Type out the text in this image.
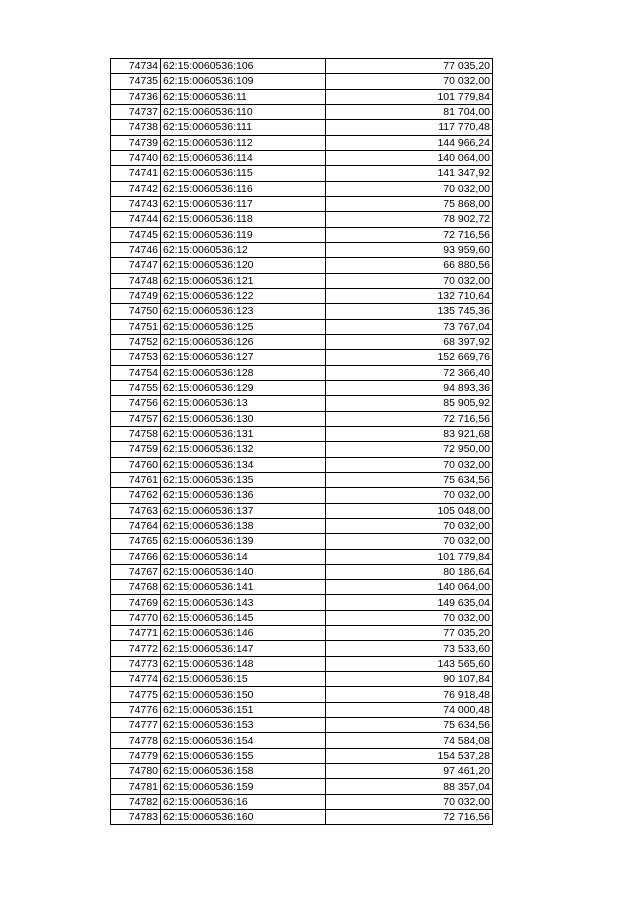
74734	62:15:0060536:106	77 035,20
74735	62:15:0060536:109	70 032,00
74736	62:15:0060536:11	101 779,84
74737	62:15:0060536:110	81 704,00
74738	62:15:0060536:111	117 770,48
74739	62:15:0060536:112	144 966,24
74740	62:15:0060536:114	140 064,00
74741	62:15:0060536:115	141 347,92
74742	62:15:0060536:116	70 032,00
74743	62:15:0060536:117	75 868,00
74744	62:15:0060536:118	78 902,72
74745	62:15:0060536:119	72 716,56
74746	62:15:0060536:12	93 959,60
74747	62:15:0060536:120	66 880,56
74748	62:15:0060536:121	70 032,00
74749	62:15:0060536:122	132 710,64
74750	62:15:0060536:123	135 745,36
74751	62:15:0060536:125	73 767,04
74752	62:15:0060536:126	68 397,92
74753	62:15:0060536:127	152 669,76
74754	62:15:0060536:128	72 366,40
74755	62:15:0060536:129	94 893,36
74756	62:15:0060536:13	85 905,92
74757	62:15:0060536:130	72 716,56
74758	62:15:0060536:131	83 921,68
74759	62:15:0060536:132	72 950,00
74760	62:15:0060536:134	70 032,00
74761	62:15:0060536:135	75 634,56
74762	62:15:0060536:136	70 032,00
74763	62:15:0060536:137	105 048,00
74764	62:15:0060536:138	70 032,00
74765	62:15:0060536:139	70 032,00
74766	62:15:0060536:14	101 779,84
74767	62:15:0060536:140	80 186,64
74768	62:15:0060536:141	140 064,00
74769	62:15:0060536:143	149 635,04
74770	62:15:0060536:145	70 032,00
74771	62:15:0060536:146	77 035,20
74772	62:15:0060536:147	73 533,60
74773	62:15:0060536:148	143 565,60
74774	62:15:0060536:15	90 107,84
74775	62:15:0060536:150	76 918,48
74776	62:15:0060536:151	74 000,48
74777	62:15:0060536:153	75 634,56
74778	62:15:0060536:154	74 584,08
74779	62:15:0060536:155	154 537,28
74780	62:15:0060536:158	97 461,20
74781	62:15:0060536:159	88 357,04
74782	62:15:0060536:16	70 032,00
74783	62:15:0060536:160	72 716,56
